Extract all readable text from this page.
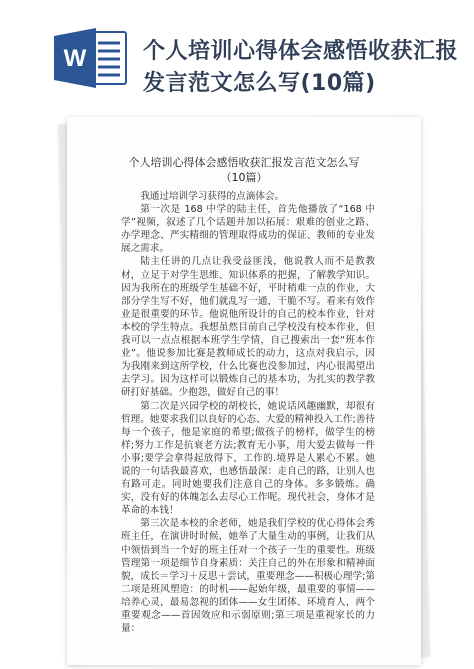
W	个人培训心得体会感悟收获汇报发言范文怎么写(10篇)
个人培训心得体会感悟收获汇报发言范文怎么写（10篇）

我通过培训学习获得的点滴体会。

第一次是 168 中学的陆主任，首先他播放了“168 中学”视频，叙述了几个话题并加以拓展：艰难的创业之路、办学理念、严实精细的管理取得成功的保证、教师的专业发展之需求。

陆主任讲的几点让我受益匪浅，他说教人而不是教教材，立足于对学生思维、知识体系的把握，了解教学知识。因为我所在的班级学生基础不好，平时稍难一点的作业，大部分学生写不好，他们就乱写一通，干脆不写。看来有效作业是很重要的环节。他说他所设计的自己的校本作业，针对本校的学生特点。我想虽然目前自己学校没有校本作业，但我可以一点点根据本班学生学情，自己搜索出一套“班本作业”。他说参加比赛是教师成长的动力，这点对我启示，因为我刚来到这所学校，什么比赛也没参加过，内心很渴望出去学习。因为这样可以锻炼自己的基本功，为扎实的教学教研打好基础。少抱怨，做好自己的事！

第二次是兴园学校的胡校长，她说话风趣幽默，却很有哲理。她要求我们以良好的心态、大爱的精神投入工作;善待每一个孩子，他是家庭的希望;做孩子的榜样，做学生的榜样;努力工作是抗衰老方法;教育无小事，用大爱去做每一件小事;要学会拿得起放得下，工作的.境界是人累心不累。她说的一句话我最喜欢，也感悟最深：走自己的路，让别人也有路可走。同时她要我们注意自己的身体。多多锻炼。确实，没有好的体魄怎么去尽心工作呢。现代社会，身体才是革命的本钱！

第三次是本校的余老师，她是我们学校的优心得体会秀班主任，在演讲时时候，她举了大量生动的事例，让我们从中领悟到当一个好的班主任对一个孩子一生的重要性。班级管理第一项是细节自身素质：关注自己的外在形象和精神面貌，成长＝学习＋反思＋尝试，重要理念——积极心理学;第二项是班风塑造：的时机——起始年级，最重要的事情——培养心灵，最易忽视的团体——女生团体、环境育人，两个重要观念——首因效应和示弱原则;第三项是重视家长的力量：
